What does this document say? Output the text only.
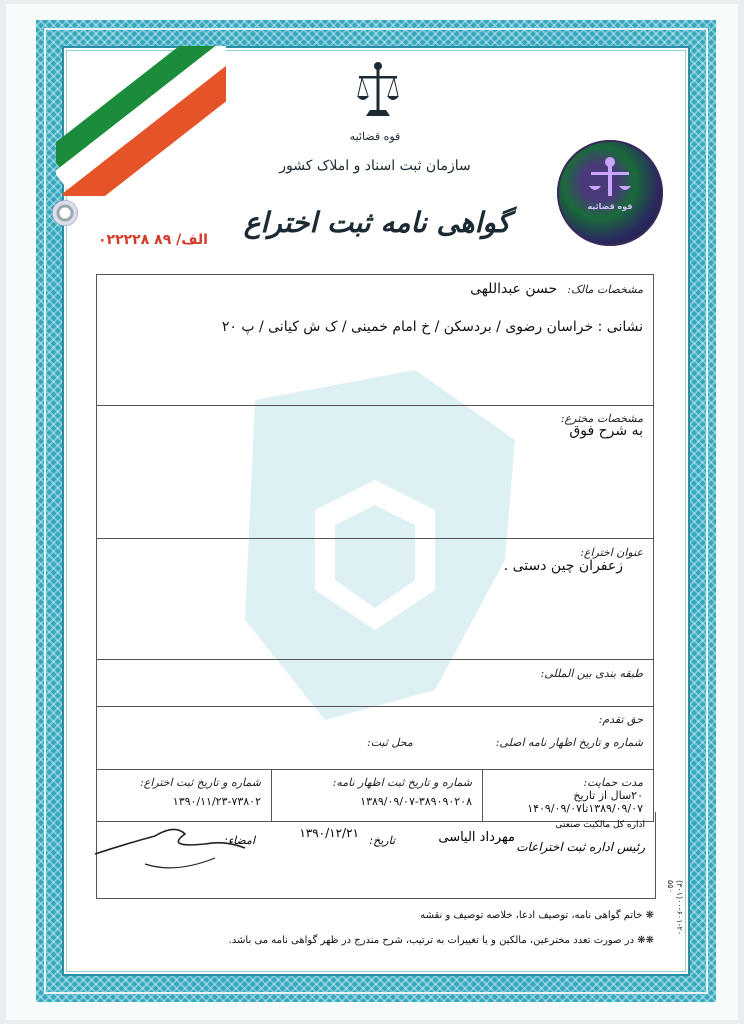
قوه قضائیه
سازمان ثبت اسناد و املاک کشور
گواهی نامه ثبت اختراع
الف/ ۸۹ ۰۲۲۲۲۸
قوه قضائیه
مشخصات مالک: حسن عبداللهی
نشانی : خراسان رضوی / بردسکن / خ امام خمینی / ک ش کیانی / پ ۲۰

مشخصات مخترع:
به شرح فوق

عنوان اختراع:
زعفران چین دستی .

طبقه بندی بین المللی:

حق تقدم:
شماره و تاریخ اظهار نامه اصلی:
محل ثبت:

مدت حمایت:
۲۰سال از تاریخ
۱۳۸۹/۰۹/۰۷تا۱۴۰۹/۰۹/۰۷

شماره و تاریخ ثبت اظهار نامه:
۱۳۸۹/۰۹/۰۷-۳۸۹۰۹۰۲۰۸

شماره و تاریخ ثبت اختراع:
۱۳۹۰/۱۱/۲۳-۷۳۸۰۲
اداره کل مالکیت صنعتی
رئیس اداره ثبت اختراعات
مهرداد الیاسی
تاریخ:
۱۳۹۰/۱۲/۲۱
امضاء:
❋ خاتم گواهی نامه، توصیف ادعا، خلاصه توصیف و نقشه
❋❋ در صورت تعدد مخترعین، مالکین و یا تغییرات به ترتیب، شرح مندرج در ظهر گواهی نامه می باشد.
(۳۰۱)۰۰-۶۰۱-۲۰ ۵۵۰
